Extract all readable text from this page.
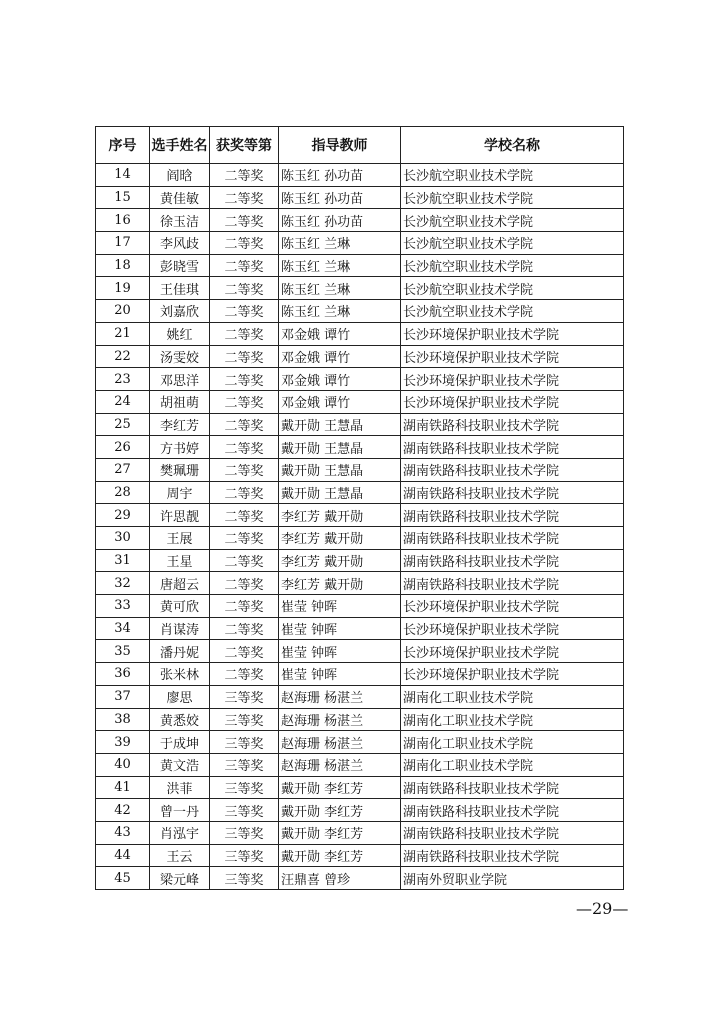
序号	选手姓名	获奖等第	指导教师	学校名称
14	阎晗	二等奖	陈玉红 孙功苗	长沙航空职业技术学院
15	黄佳敏	二等奖	陈玉红 孙功苗	长沙航空职业技术学院
16	徐玉洁	二等奖	陈玉红 孙功苗	长沙航空职业技术学院
17	李风歧	二等奖	陈玉红 兰琳	长沙航空职业技术学院
18	彭晓雪	二等奖	陈玉红 兰琳	长沙航空职业技术学院
19	王佳琪	二等奖	陈玉红 兰琳	长沙航空职业技术学院
20	刘嘉欣	二等奖	陈玉红 兰琳	长沙航空职业技术学院
21	姚红	二等奖	邓金娥 谭竹	长沙环境保护职业技术学院
22	汤雯姣	二等奖	邓金娥 谭竹	长沙环境保护职业技术学院
23	邓思洋	二等奖	邓金娥 谭竹	长沙环境保护职业技术学院
24	胡祖萌	二等奖	邓金娥 谭竹	长沙环境保护职业技术学院
25	李红芳	二等奖	戴开勋 王慧晶	湖南铁路科技职业技术学院
26	方书婷	二等奖	戴开勋 王慧晶	湖南铁路科技职业技术学院
27	樊珮珊	二等奖	戴开勋 王慧晶	湖南铁路科技职业技术学院
28	周宇	二等奖	戴开勋 王慧晶	湖南铁路科技职业技术学院
29	许思靓	二等奖	李红芳 戴开勋	湖南铁路科技职业技术学院
30	王展	二等奖	李红芳 戴开勋	湖南铁路科技职业技术学院
31	王星	二等奖	李红芳 戴开勋	湖南铁路科技职业技术学院
32	唐超云	二等奖	李红芳 戴开勋	湖南铁路科技职业技术学院
33	黄可欣	二等奖	崔莹 钟晖	长沙环境保护职业技术学院
34	肖谋涛	二等奖	崔莹 钟晖	长沙环境保护职业技术学院
35	潘丹妮	二等奖	崔莹 钟晖	长沙环境保护职业技术学院
36	张米林	二等奖	崔莹 钟晖	长沙环境保护职业技术学院
37	廖思	三等奖	赵海珊 杨湛兰	湖南化工职业技术学院
38	黄悉姣	三等奖	赵海珊 杨湛兰	湖南化工职业技术学院
39	于成坤	三等奖	赵海珊 杨湛兰	湖南化工职业技术学院
40	黄文浩	三等奖	赵海珊 杨湛兰	湖南化工职业技术学院
41	洪菲	三等奖	戴开勋 李红芳	湖南铁路科技职业技术学院
42	曾一丹	三等奖	戴开勋 李红芳	湖南铁路科技职业技术学院
43	肖泓宇	三等奖	戴开勋 李红芳	湖南铁路科技职业技术学院
44	王云	三等奖	戴开勋 李红芳	湖南铁路科技职业技术学院
45	梁元峰	三等奖	汪鼎喜 曾珍	湖南外贸职业学院
—29—
